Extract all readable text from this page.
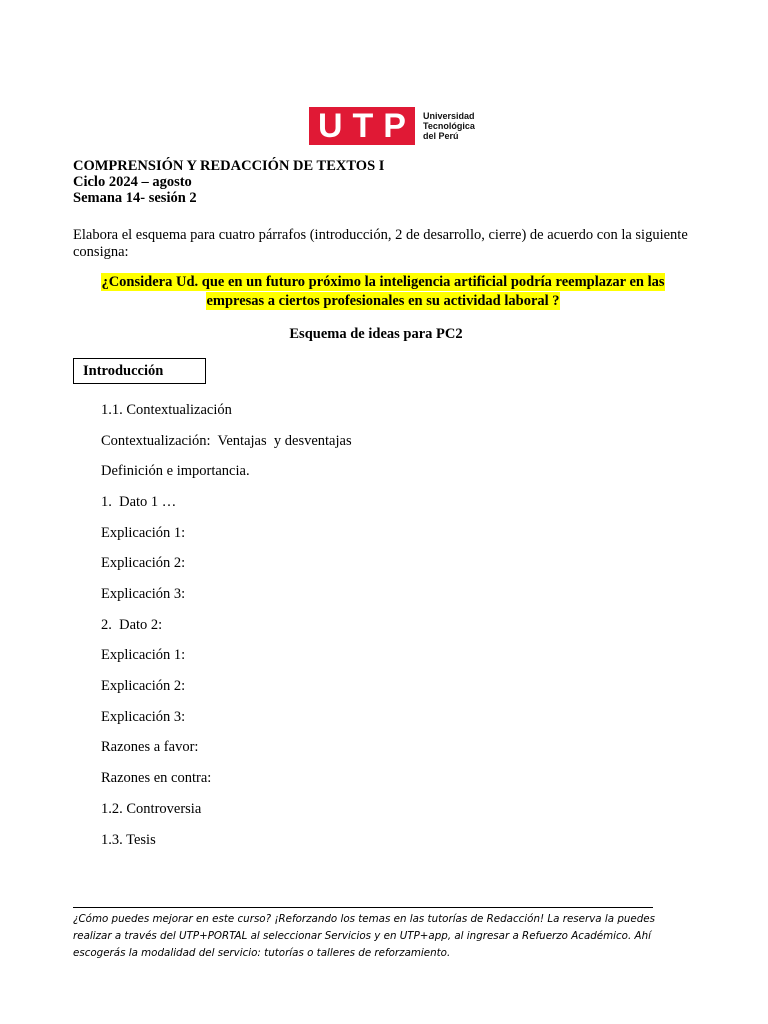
U T P Universidad
Tecnológica
del Perú
COMPRENSIÓN Y REDACCIÓN DE TEXTOS I
Ciclo 2024 – agosto
Semana 14- sesión 2
Elabora el esquema para cuatro párrafos (introducción, 2 de desarrollo, cierre) de acuerdo con la siguiente consigna:
¿Considera Ud. que en un futuro próximo la inteligencia artificial podría reemplazar en las empresas a ciertos profesionales en su actividad laboral ?
Esquema de ideas para PC2
Introducción
1.1. Contextualización
Contextualización:  Ventajas  y desventajas
Definición e importancia.
1.  Dato 1 …
Explicación 1:
Explicación 2:
Explicación 3:
2.  Dato 2:
Explicación 1:
Explicación 2:
Explicación 3:
Razones a favor:
Razones en contra:
1.2. Controversia
1.3. Tesis
¿Cómo puedes mejorar en este curso? ¡Reforzando los temas en las tutorías de Redacción! La reserva la puedes realizar a través del UTP+PORTAL al seleccionar Servicios y en UTP+app, al ingresar a Refuerzo Académico. Ahí escogerás la modalidad del servicio: tutorías o talleres de reforzamiento.
